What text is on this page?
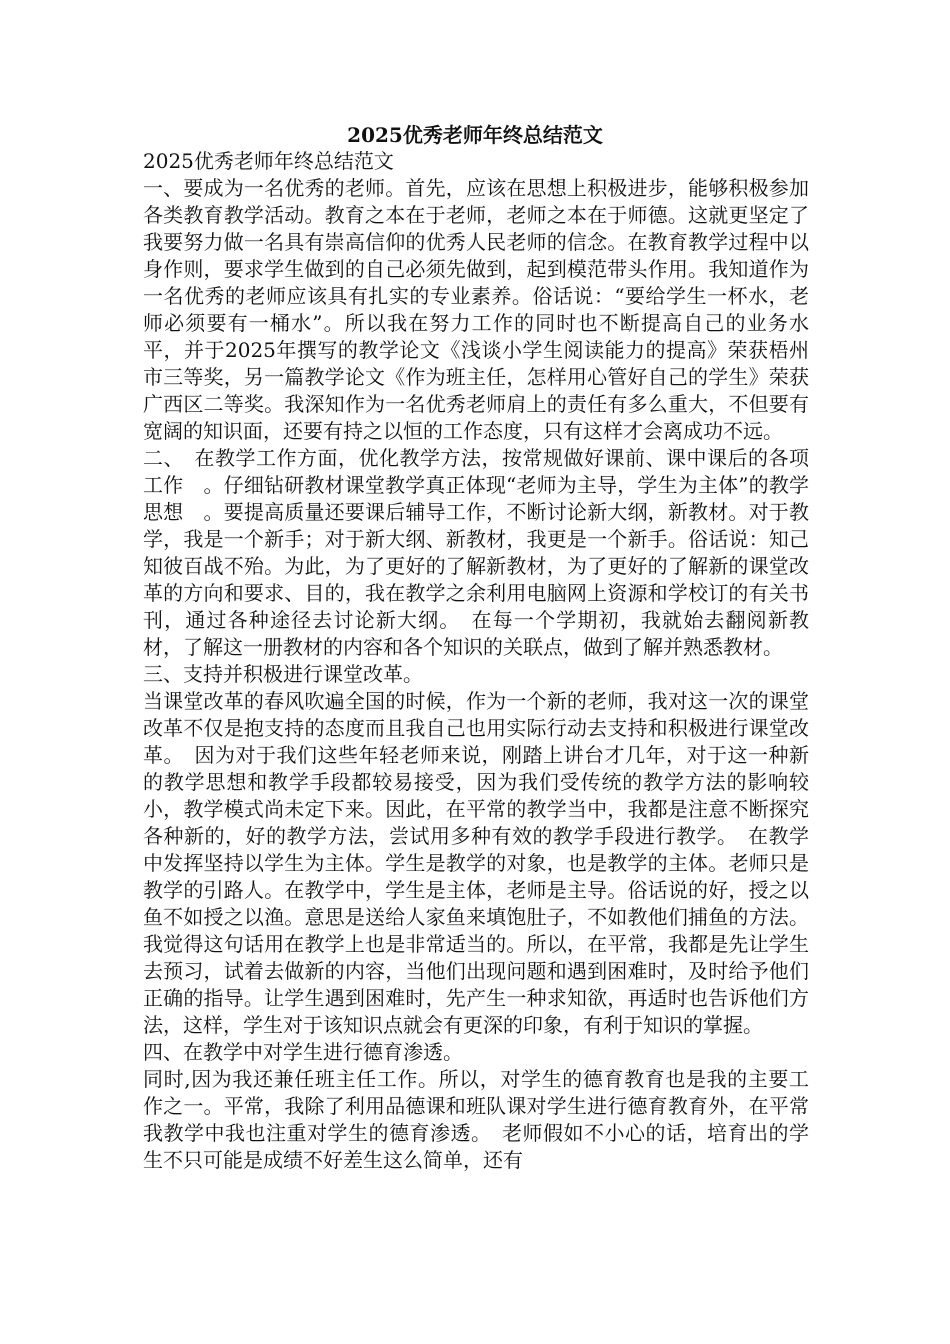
2025优秀老师年终总结范文

2025优秀老师年终总结范文

一、要成为一名优秀的老师。首先，应该在思想上积极进步，能够积极参加各类教育教学活动。教育之本在于老师，老师之本在于师德。这就更坚定了我要努力做一名具有崇高信仰的优秀人民老师的信念。在教育教学过程中以身作则，要求学生做到的自己必须先做到，起到模范带头作用。我知道作为一名优秀的老师应该具有扎实的专业素养。俗话说：“要给学生一杯水，老师必须要有一桶水”。所以我在努力工作的同时也不断提高自己的业务水平，并于2025年撰写的教学论文《浅谈小学生阅读能力的提高》荣获梧州市三等奖，另一篇教学论文《作为班主任，怎样用心管好自己的学生》荣获广西区二等奖。我深知作为一名优秀老师肩上的责任有多么重大，不但要有宽阔的知识面，还要有持之以恒的工作态度，只有这样才会离成功不远。

二、　在教学工作方面，优化教学方法，按常规做好课前、课中课后的各项工作　。仔细钻研教材课堂教学真正体现“老师为主导，学生为主体”的教学思想　。要提高质量还要课后辅导工作，不断讨论新大纲，新教材。对于教学，我是一个新手；对于新大纲、新教材，我更是一个新手。俗话说：知己知彼百战不殆。为此，为了更好的了解新教材，为了更好的了解新的课堂改革的方向和要求、目的，我在教学之余利用电脑网上资源和学校订的有关书刊，通过各种途径去讨论新大纲。　在每一个学期初，我就始去翻阅新教材，了解这一册教材的内容和各个知识的关联点，做到了解并熟悉教材。

三、支持并积极进行课堂改革。

当课堂改革的春风吹遍全国的时候，作为一个新的老师，我对这一次的课堂改革不仅是抱支持的态度而且我自己也用实际行动去支持和积极进行课堂改革。　因为对于我们这些年轻老师来说，刚踏上讲台才几年，对于这一种新的教学思想和教学手段都较易接受，因为我们受传统的教学方法的影响较小，教学模式尚未定下来。因此，在平常的教学当中，我都是注意不断探究各种新的，好的教学方法，尝试用多种有效的教学手段进行教学。　在教学中发挥坚持以学生为主体。学生是教学的对象，也是教学的主体。老师只是教学的引路人。在教学中，学生是主体，老师是主导。俗话说的好，授之以鱼不如授之以渔。意思是送给人家鱼来填饱肚子，不如教他们捕鱼的方法。我觉得这句话用在教学上也是非常适当的。所以，在平常，我都是先让学生去预习，试着去做新的内容，当他们出现问题和遇到困难时，及时给予他们正确的指导。让学生遇到困难时，先产生一种求知欲，再适时也告诉他们方法，这样，学生对于该知识点就会有更深的印象，有利于知识的掌握。

四、在教学中对学生进行德育渗透。

同时,因为我还兼任班主任工作。所以，对学生的德育教育也是我的主要工作之一。平常，我除了利用品德课和班队课对学生进行德育教育外，在平常我教学中我也注重对学生的德育渗透。　老师假如不小心的话，培育出的学生不只可能是成绩不好差生这么简单，还有
